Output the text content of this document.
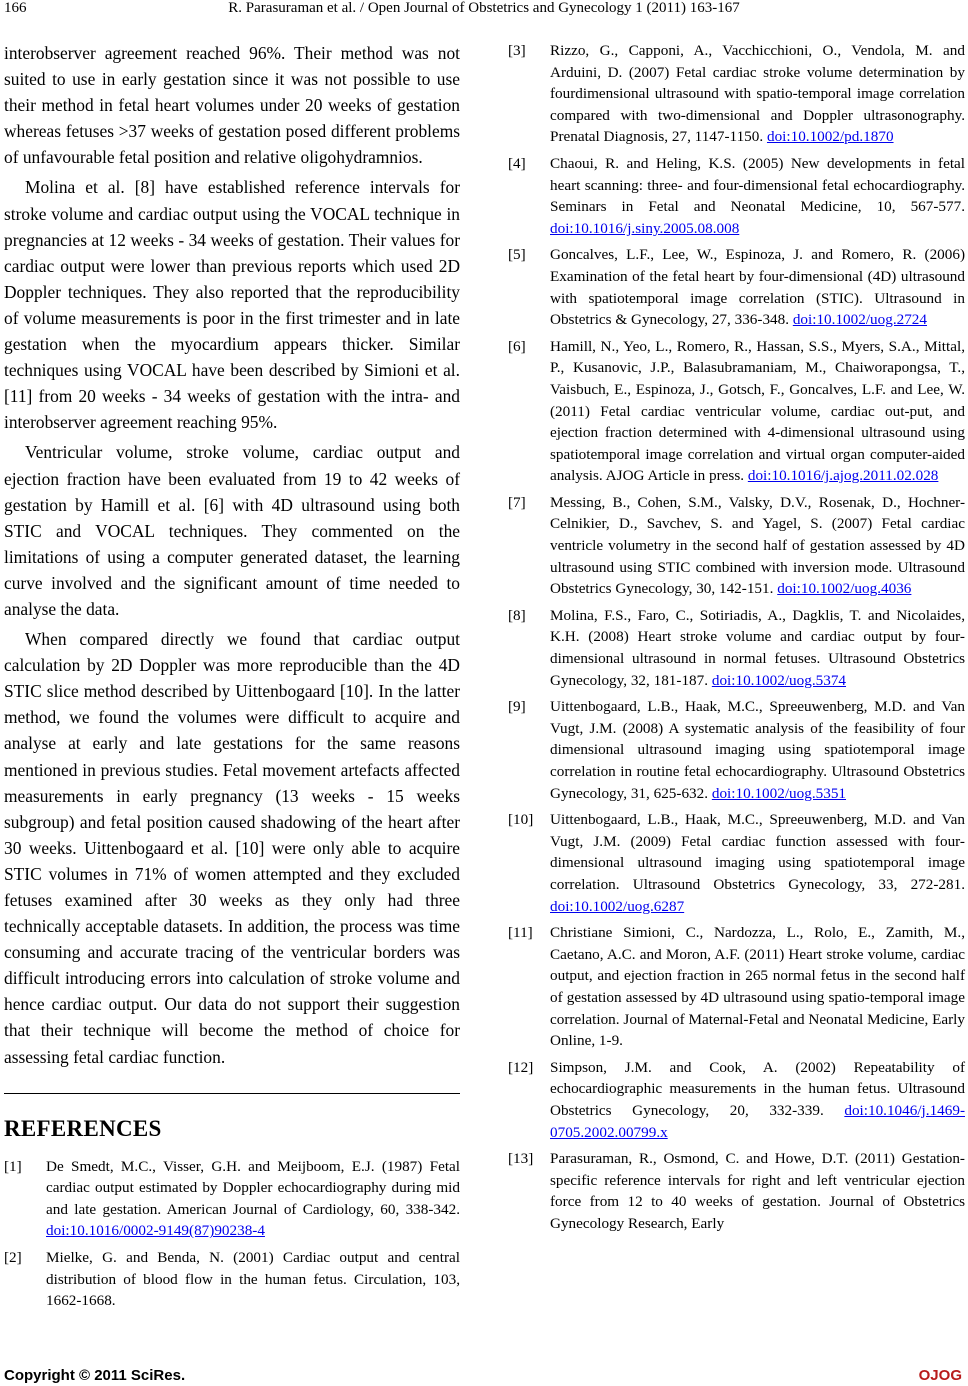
166	R. Parasuraman et al. / Open Journal of Obstetrics and Gynecology 1 (2011) 163-167

interobserver agreement reached 96%. Their method was not suited to use in early gestation since it was not possible to use their method in fetal heart volumes under 20 weeks of gestation whereas fetuses >37 weeks of gestation posed different problems of unfavourable fetal position and relative oligohydramnios.

Molina et al. [8] have established reference intervals for stroke volume and cardiac output using the VOCAL technique in pregnancies at 12 weeks - 34 weeks of gestation. Their values for cardiac output were lower than previous reports which used 2D Doppler techniques. They also reported that the reproducibility of volume measurements is poor in the first trimester and in late gestation when the myocardium appears thicker. Similar techniques using VOCAL have been described by Simioni et al. [11] from 20 weeks - 34 weeks of gestation with the intra- and interobserver agreement reaching 95%.

Ventricular volume, stroke volume, cardiac output and ejection fraction have been evaluated from 19 to 42 weeks of gestation by Hamill et al. [6] with 4D ultrasound using both STIC and VOCAL techniques. They commented on the limitations of using a computer generated dataset, the learning curve involved and the significant amount of time needed to analyse the data.

When compared directly we found that cardiac output calculation by 2D Doppler was more reproducible than the 4D STIC slice method described by Uittenbogaard [10]. In the latter method, we found the volumes were difficult to acquire and analyse at early and late gestations for the same reasons mentioned in previous studies. Fetal movement artefacts affected measurements in early pregnancy (13 weeks - 15 weeks subgroup) and fetal position caused shadowing of the heart after 30 weeks. Uittenbogaard et al. [10] were only able to acquire STIC volumes in 71% of women attempted and they excluded fetuses examined after 30 weeks as they only had three technically acceptable datasets. In addition, the process was time consuming and accurate tracing of the ventricular borders was difficult introducing errors into calculation of stroke volume and hence cardiac output. Our data do not support their suggestion that their technique will become the method of choice for assessing fetal cardiac function.

REFERENCES
[1]	De Smedt, M.C., Visser, G.H. and Meijboom, E.J. (1987) Fetal cardiac output estimated by Doppler echocardiography during mid and late gestation. American Journal of Cardiology, 60, 338-342. doi:10.1016/0002-9149(87)90238-4
[2]	Mielke, G. and Benda, N. (2001) Cardiac output and central distribution of blood flow in the human fetus. Circulation, 103, 1662-1668.
[3]	Rizzo, G., Capponi, A., Vacchicchioni, O., Vendola, M. and Arduini, D. (2007) Fetal cardiac stroke volume determination by fourdimensional ultrasound with spatio-temporal image correlation compared with two-dimensional and Doppler ultrasonography. Prenatal Diagnosis, 27, 1147-1150. doi:10.1002/pd.1870
[4]	Chaoui, R. and Heling, K.S. (2005) New developments in fetal heart scanning: three- and four-dimensional fetal echocardiography. Seminars in Fetal and Neonatal Medicine, 10, 567-577. doi:10.1016/j.siny.2005.08.008
[5]	Goncalves, L.F., Lee, W., Espinoza, J. and Romero, R. (2006) Examination of the fetal heart by four-dimensional (4D) ultrasound with spatiotemporal image correlation (STIC). Ultrasound in Obstetrics & Gynecology, 27, 336-348. doi:10.1002/uog.2724
[6]	Hamill, N., Yeo, L., Romero, R., Hassan, S.S., Myers, S.A., Mittal, P., Kusanovic, J.P., Balasubramaniam, M., Chaiworapongsa, T., Vaisbuch, E., Espinoza, J., Gotsch, F., Goncalves, L.F. and Lee, W. (2011) Fetal cardiac ventricular volume, cardiac out-put, and ejection fraction determined with 4-dimensional ultrasound using spatiotemporal image correlation and virtual organ computer-aided analysis. AJOG Article in press. doi:10.1016/j.ajog.2011.02.028
[7]	Messing, B., Cohen, S.M., Valsky, D.V., Rosenak, D., Hochner-Celnikier, D., Savchev, S. and Yagel, S. (2007) Fetal cardiac ventricle volumetry in the second half of gestation assessed by 4D ultrasound using STIC combined with inversion mode. Ultrasound Obstetrics Gynecology, 30, 142-151. doi:10.1002/uog.4036
[8]	Molina, F.S., Faro, C., Sotiriadis, A., Dagklis, T. and Nicolaides, K.H. (2008) Heart stroke volume and cardiac output by four-dimensional ultrasound in normal fetuses. Ultrasound Obstetrics Gynecology, 32, 181-187. doi:10.1002/uog.5374
[9]	Uittenbogaard, L.B., Haak, M.C., Spreeuwenberg, M.D. and Van Vugt, J.M. (2008) A systematic analysis of the feasibility of four dimensional ultrasound imaging using spatiotemporal image correlation in routine fetal echocardiography. Ultrasound Obstetrics Gynecology, 31, 625-632. doi:10.1002/uog.5351
[10]	Uittenbogaard, L.B., Haak, M.C., Spreeuwenberg, M.D. and Van Vugt, J.M. (2009) Fetal cardiac function assessed with four-dimensional ultrasound imaging using spatiotemporal image correlation. Ultrasound Obstetrics Gynecology, 33, 272-281. doi:10.1002/uog.6287
[11]	Christiane Simioni, C., Nardozza, L., Rolo, E., Zamith, M., Caetano, A.C. and Moron, A.F. (2011) Heart stroke volume, cardiac output, and ejection fraction in 265 normal fetus in the second half of gestation assessed by 4D ultrasound using spatio-temporal image correlation. Journal of Maternal-Fetal and Neonatal Medicine, Early Online, 1-9.
[12]	Simpson, J.M. and Cook, A. (2002) Repeatability of echocardiographic measurements in the human fetus. Ultrasound Obstetrics Gynecology, 20, 332-339. doi:10.1046/j.1469-0705.2002.00799.x
[13]	Parasuraman, R., Osmond, C. and Howe, D.T. (2011) Gestation-specific reference intervals for right and left ventricular ejection force from 12 to 40 weeks of gestation. Journal of Obstetrics Gynecology Research, Early
Copyright © 2011 SciRes.	OJOG
